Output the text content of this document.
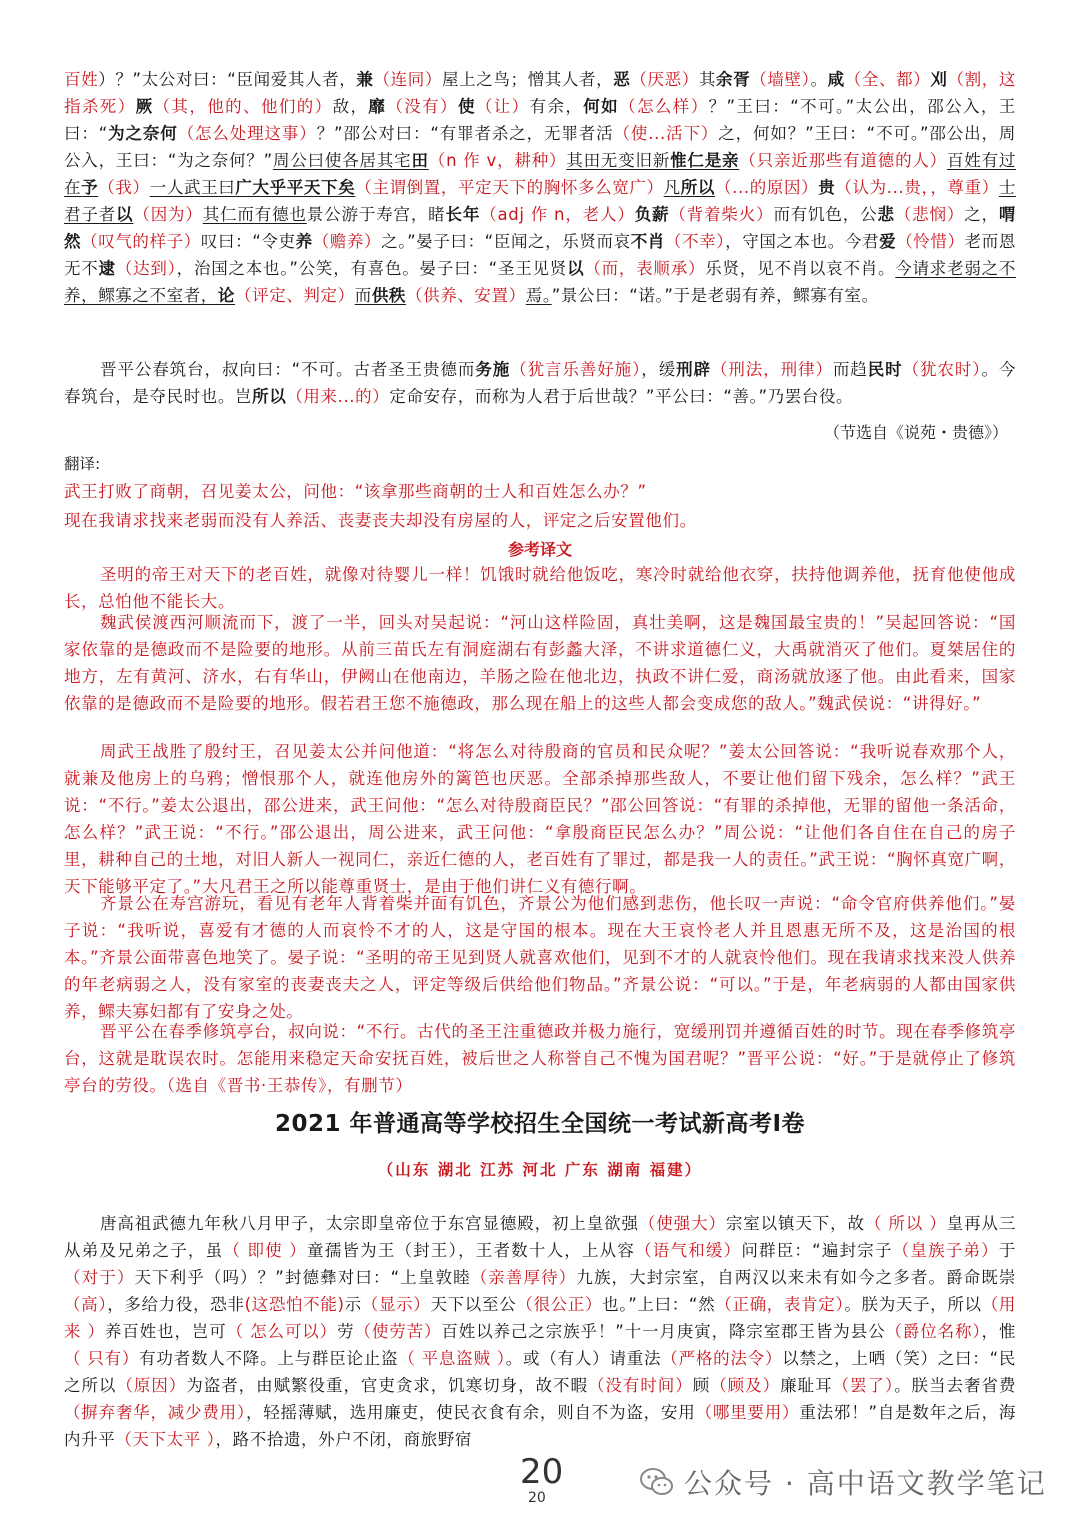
百姓）？”太公对曰：“臣闻爱其人者，兼（连同）屋上之鸟；憎其人者，恶（厌恶）其余胥（墙壁）。咸（全、都）刈（割，这指杀死）厥（其，他的、他们的）敌，靡（没有）使（让）有余，何如（怎么样）？”王曰：“不可。”太公出，邵公入，王曰：“为之奈何（怎么处理这事）？”邵公对曰：“有罪者杀之，无罪者活（使...活下）之，何如？”王曰：“不可。”邵公出，周公入，王曰：“为之奈何？”周公曰使各居其宅田（n 作 v，耕种）其田无变旧新惟仁是亲（只亲近那些有道德的人）百姓有过在予（我）一人武王曰广大乎平天下矣（主谓倒置，平定天下的胸怀多么宽广）凡所以（...的原因）贵（认为...贵，，尊重）士君子者以（因为）其仁而有德也景公游于寿宫，睹长年（adj 作 n，老人）负薪（背着柴火）而有饥色，公悲（悲悯）之，喟然（叹气的样子）叹曰：“令吏养（赡养）之。”晏子曰：“臣闻之，乐贤而哀不肖（不幸），守国之本也。今君爱（怜惜）老而恩无不逮（达到），治国之本也。”公笑，有喜色。晏子曰：“圣王见贤以（而，表顺承）乐贤，见不肖以哀不肖。今请求老弱之不养，鳏寡之不室者，论（评定、判定）而供秩（供养、安置）焉。”景公曰：“诺。”于是老弱有养，鳏寡有室。

晋平公春筑台，叔向曰：“不可。古者圣王贵德而务施（犹言乐善好施），缓刑辟（刑法，刑律）而趋民时（犹农时）。今春筑台，是夺民时也。岂所以（用来...的）定命安存，而称为人君于后世哉？”平公曰：“善。”乃罢台役。

（节选自《说苑・贵德》）
翻译:

武王打败了商朝，召见姜太公，问他：“该拿那些商朝的士人和百姓怎么办？”

现在我请求找来老弱而没有人养活、丧妻丧夫却没有房屋的人，评定之后安置他们。

参考译文

圣明的帝王对天下的老百姓，就像对待婴儿一样！饥饿时就给他饭吃，寒冷时就给他衣穿，扶持他调养他，抚育他使他成长，总怕他不能长大。

魏武侯渡西河顺流而下，渡了一半，回头对吴起说：“河山这样险固，真壮美啊，这是魏国最宝贵的！”吴起回答说：“国家依靠的是德政而不是险要的地形。从前三苗氏左有洞庭湖右有彭蠡大泽，不讲求道德仁义，大禹就消灭了他们。夏桀居住的地方，左有黄河、济水，右有华山，伊阙山在他南边，羊肠之险在他北边，执政不讲仁爱，商汤就放逐了他。由此看来，国家依靠的是德政而不是险要的地形。假若君王您不施德政，那么现在船上的这些人都会变成您的敌人。”魏武侯说：“讲得好。”

周武王战胜了殷纣王，召见姜太公并问他道：“将怎么对待殷商的官员和民众呢？”姜太公回答说：“我听说春欢那个人，就兼及他房上的乌鸦；憎恨那个人，就连他房外的篱笆也厌恶。全部杀掉那些敌人，不要让他们留下残余，怎么样？”武王说：“不行。”姜太公退出，邵公进来，武王问他：“怎么对待殷商臣民？”邵公回答说：“有罪的杀掉他，无罪的留他一条活命，怎么样？”武王说：“不行。”邵公退出，周公进来，武王问他：“拿殷商臣民怎么办？”周公说：“让他们各自住在自己的房子里，耕种自己的土地，对旧人新人一视同仁，亲近仁德的人，老百姓有了罪过，都是我一人的责任。”武王说：“胸怀真宽广啊，天下能够平定了。”大凡君王之所以能尊重贤士，是由于他们讲仁义有德行啊。

齐景公在寿宫游玩，看见有老年人背着柴并面有饥色，齐景公为他们感到悲伤，他长叹一声说：“命令官府供养他们。”晏子说：“我听说，喜爱有才德的人而哀怜不才的人，这是守国的根本。现在大王哀怜老人并且恩惠无所不及，这是治国的根本。”齐景公面带喜色地笑了。晏子说：“圣明的帝王见到贤人就喜欢他们，见到不才的人就哀怜他们。现在我请求找来没人供养的年老病弱之人，没有家室的丧妻丧夫之人，评定等级后供给他们物品。”齐景公说：“可以。”于是，年老病弱的人都由国家供养，鳏夫寡妇都有了安身之处。

晋平公在春季修筑亭台，叔向说：“不行。古代的圣王注重德政并极力施行，宽缓刑罚并遵循百姓的时节。现在春季修筑亭台，这就是耽误农时。怎能用来稳定天命安抚百姓，被后世之人称誉自己不愧为国君呢？”晋平公说：“好。”于是就停止了修筑亭台的劳役。（选自《晋书·王恭传》，有删节）

2021 年普通高等学校招生全国统一考试新高考Ⅰ卷
（山东 湖北 江苏 河北 广东 湖南 福建）

唐高祖武德九年秋八月甲子，太宗即皇帝位于东宫显德殿，初上皇欲强（使强大）宗室以镇天下，故（ 所以 ）皇再从三从弟及兄弟之子，虽（ 即使 ）童孺皆为王（封王），王者数十人，上从容（语气和缓）问群臣：“遍封宗子（皇族子弟）于（对于）天下利乎（吗）？”封德彝对曰：“上皇敦睦（亲善厚待）九族，大封宗室，自两汉以来未有如今之多者。爵命既崇（高），多给力役，恐非(这恐怕不能)示（显示）天下以至公（很公正）也。”上曰：“然（正确，表肯定）。朕为天子，所以（用来 ）养百姓也，岂可（ 怎么可以）劳（使劳苦）百姓以养己之宗族乎！”十一月庚寅，降宗室郡王皆为县公（爵位名称），惟（ 只有）有功者数人不降。上与群臣论止盗（ 平息盗贼 ）。或（有人）请重法（严格的法令）以禁之，上哂（笑）之曰：“民之所以（原因）为盗者，由赋繁役重，官吏贪求，饥寒切身，故不暇（没有时间）顾（顾及）廉耻耳（罢了）。朕当去奢省费（摒弃奢华，减少费用），轻摇薄赋，选用廉吏，使民衣食有余，则自不为盗，安用（哪里要用）重法邪！”自是数年之后，海内升平（天下太平 ），路不拾遗，外户不闭，商旅野宿

20
20	公众号 · 高中语文教学笔记
